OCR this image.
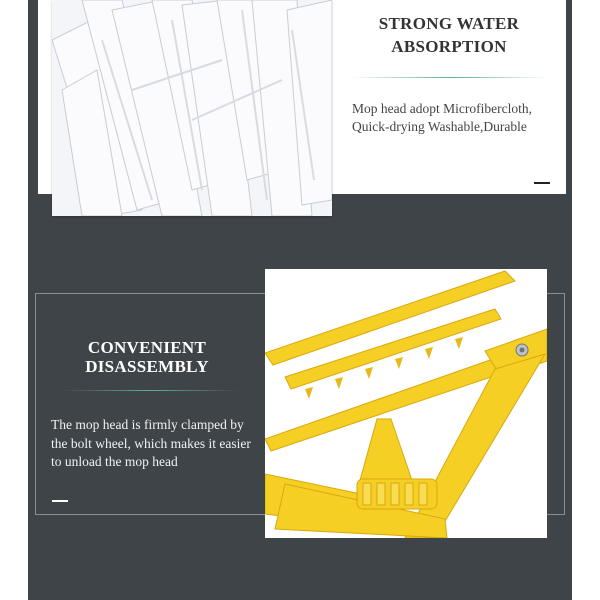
STRONG WATER ABSORPTION
Mop head adopt Microfibercloth, Quick-drying Washable,Durable
CONVENIENT DISASSEMBLY
The mop head is firmly clamped by the bolt wheel, which makes it easier to unload the mop head
